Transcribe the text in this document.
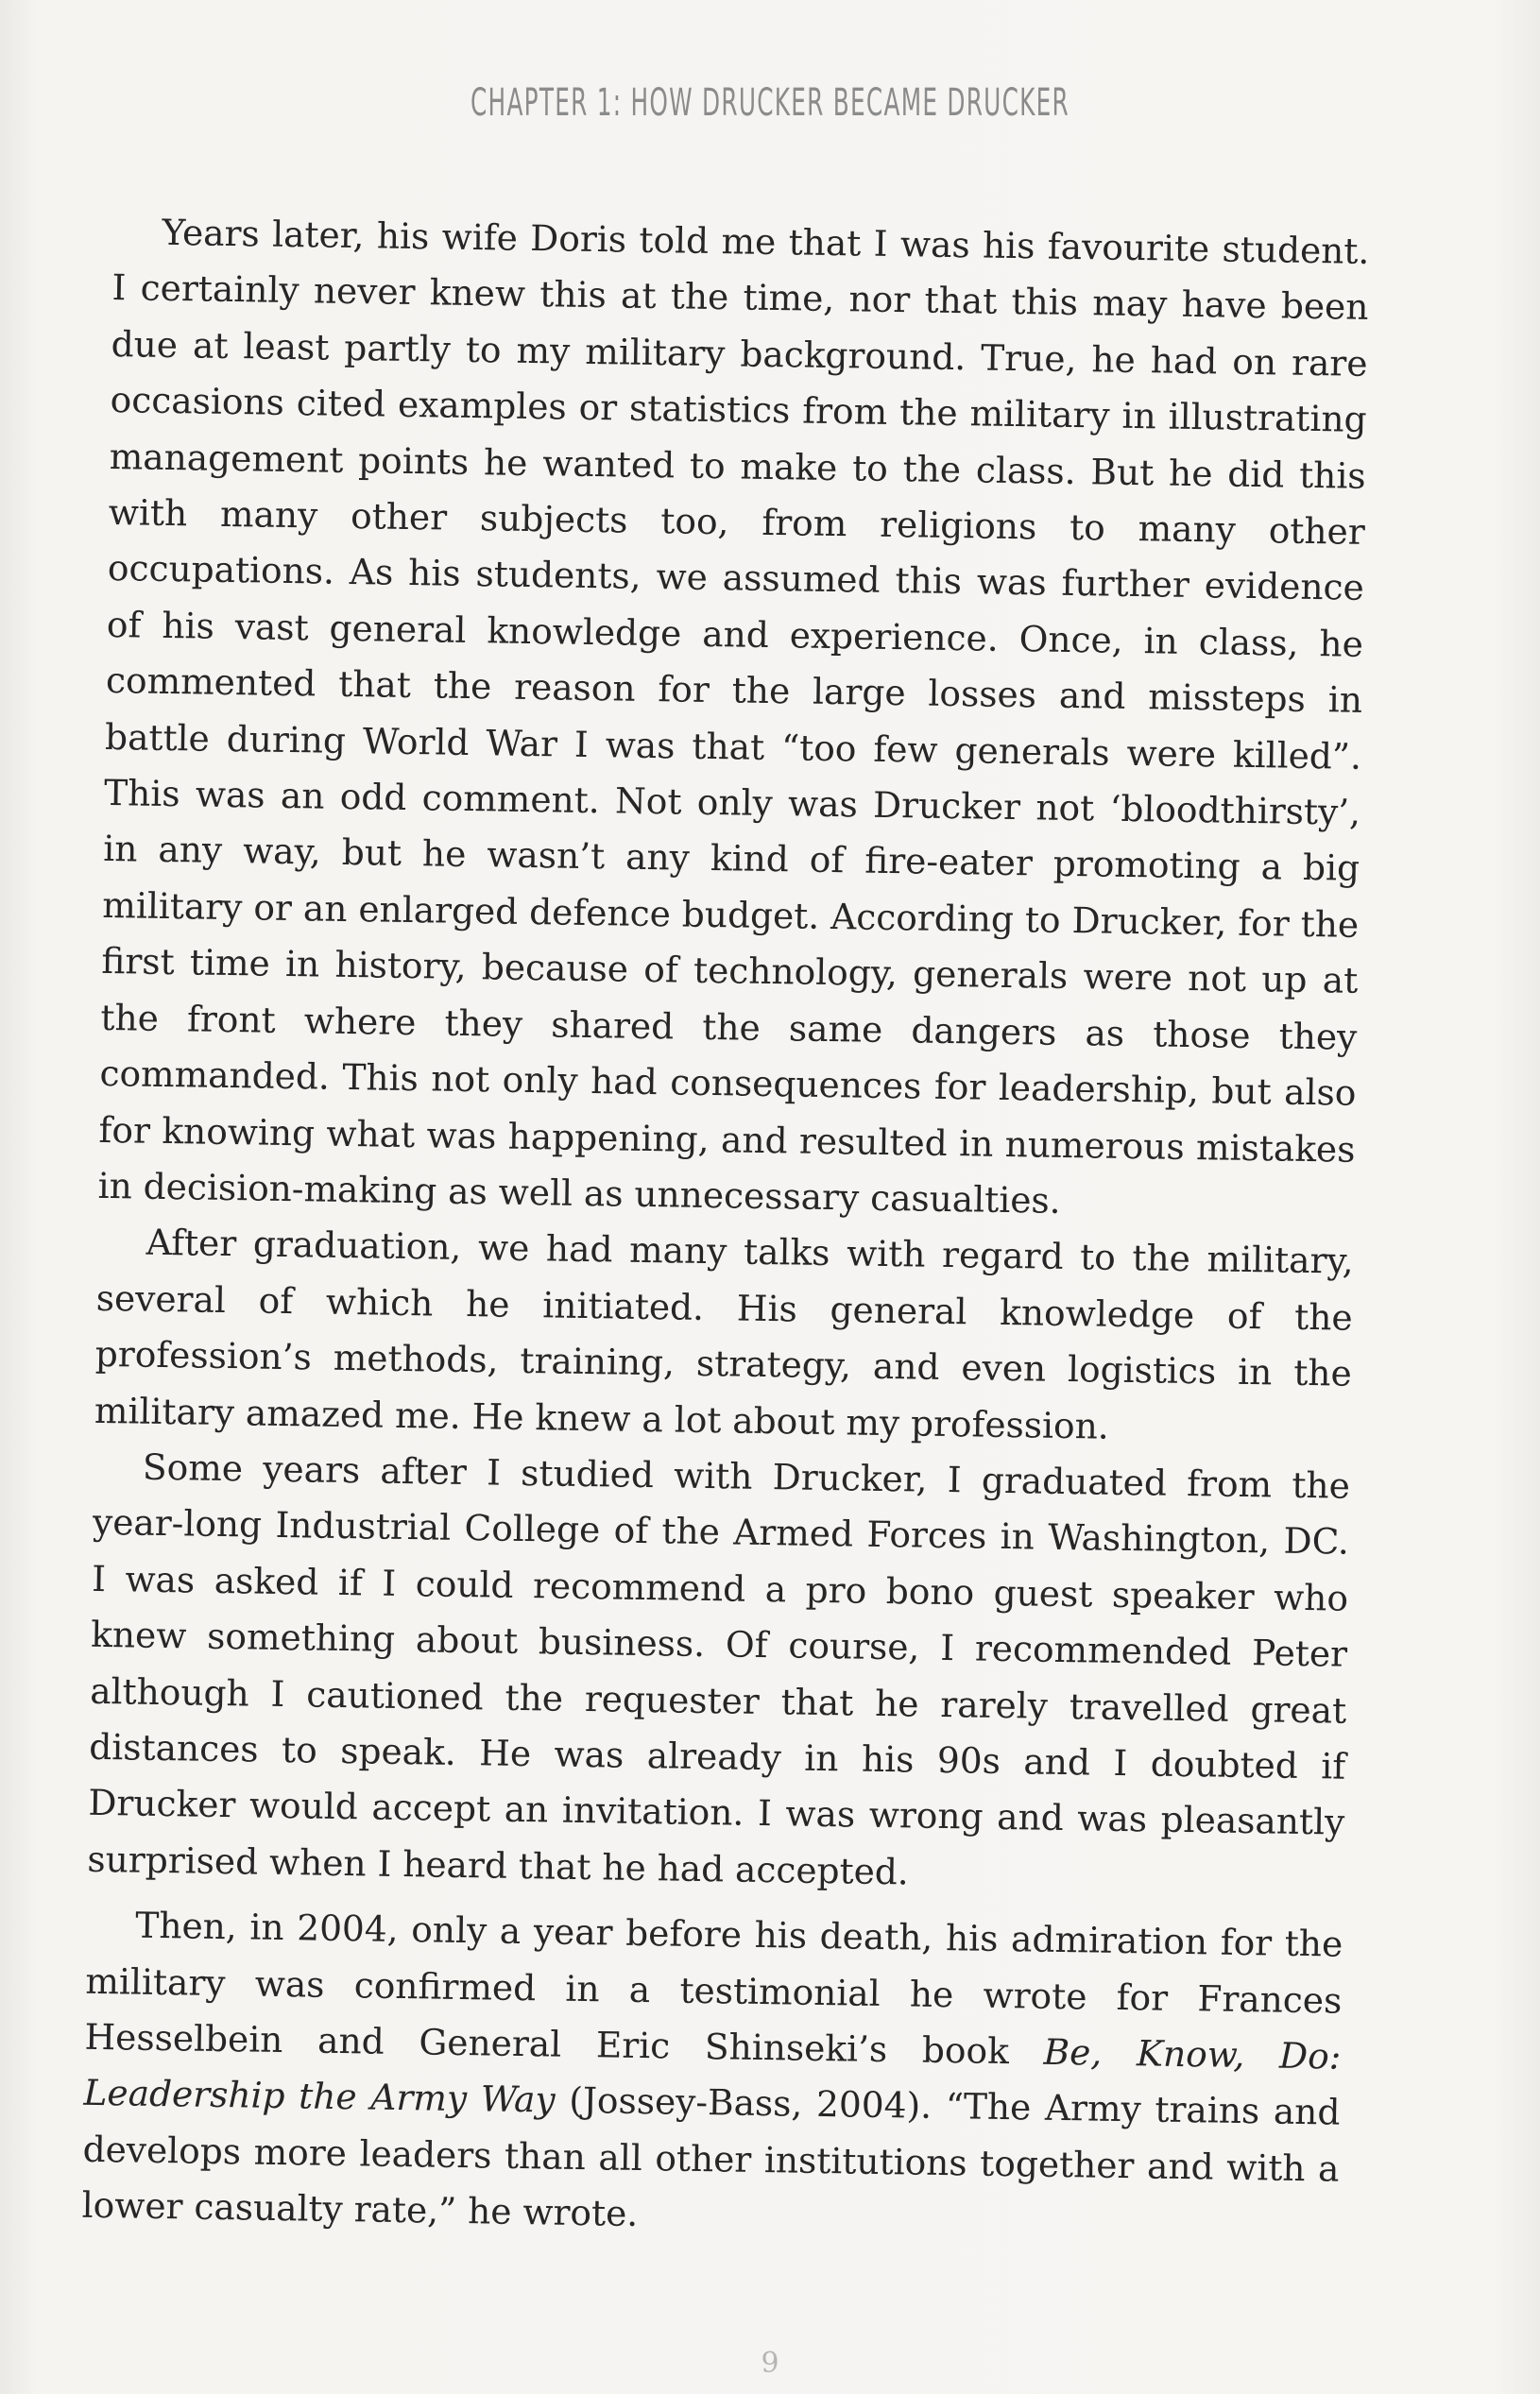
CHAPTER 1: HOW DRUCKER BECAME DRUCKER

Years later, his wife Doris told me that I was his favourite student. I certainly never knew this at the time, nor that this may have been due at least partly to my military background. True, he had on rare occasions cited examples or statistics from the military in illustrating management points he wanted to make to the class. But he did this with many other subjects too, from religions to many other occupations. As his students, we assumed this was further evidence of his vast general knowledge and experience. Once, in class, he commented that the reason for the large losses and missteps in battle during World War I was that “too few generals were killed”. This was an odd comment. Not only was Drucker not ‘bloodthirsty’, in any way, but he wasn’t any kind of fire-eater promoting a big military or an enlarged defence budget. According to Drucker, for the first time in history, because of technology, generals were not up at the front where they shared the same dangers as those they commanded. This not only had consequences for leadership, but also for knowing what was happening, and resulted in numerous mistakes in decision-making as well as unnecessary casualties.

After graduation, we had many talks with regard to the military, several of which he initiated. His general knowledge of the profession’s methods, training, strategy, and even logistics in the military amazed me. He knew a lot about my profession.

Some years after I studied with Drucker, I graduated from the year-long Industrial College of the Armed Forces in Washington, DC. I was asked if I could recommend a pro bono guest speaker who knew something about business. Of course, I recommended Peter although I cautioned the requester that he rarely travelled great distances to speak. He was already in his 90s and I doubted if Drucker would accept an invitation. I was wrong and was pleasantly surprised when I heard that he had accepted.

Then, in 2004, only a year before his death, his admiration for the military was confirmed in a testimonial he wrote for Frances Hesselbein and General Eric Shinseki’s book Be, Know, Do: Leadership the Army Way (Jossey-Bass, 2004). “The Army trains and develops more leaders than all other institutions together and with a lower casualty rate,” he wrote.

9
